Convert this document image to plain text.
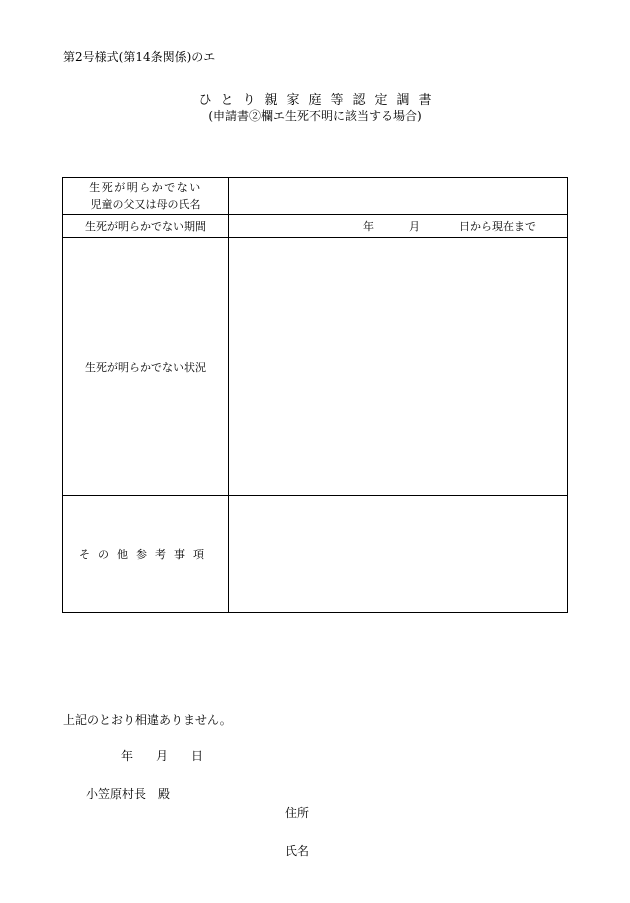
第2号様式(第14条関係)のエ
ひとり親家庭等認定調書
(申請書②欄エ生死不明に該当する場合)
生死が明らかでない
児童の父又は母の氏名	
生死が明らかでない期間	年 月 日から現在まで

生死が明らかでない状況	
その他参考事項	
上記のとおり相違ありません。
年 月 日
小笠原村長　殿
住所
氏名
